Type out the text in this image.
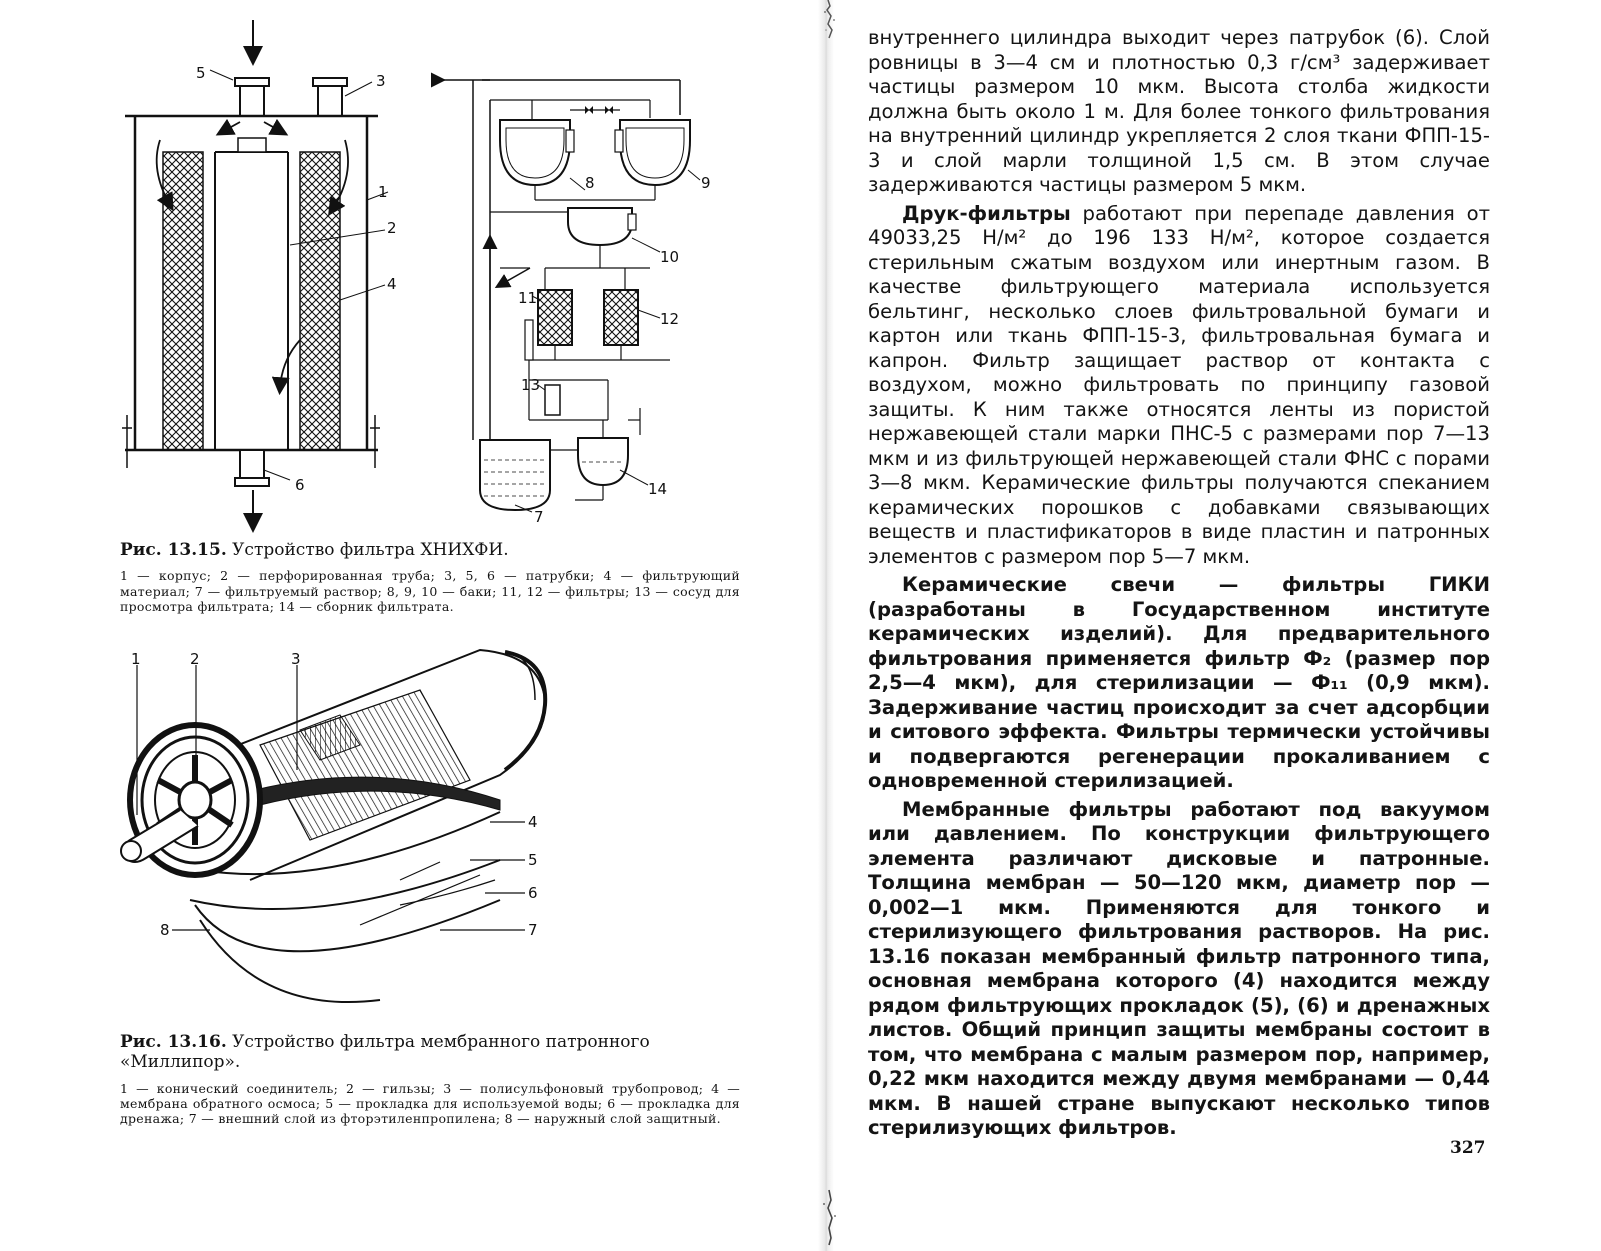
1
2
3
4
5
6
7
8	9
10
11
12
13
14

Рис. 13.15. Устройство фильтра ХНИХФИ.

1 — корпус; 2 — перфорированная труба; 3, 5, 6 — патрубки; 4 — фильтрующий материал; 7 — фильтруемый раствор; 8, 9, 10 — баки; 11, 12 — фильтры; 13 — сосуд для просмотра фильтрата; 14 — сборник фильтрата.

1	2	3
4
5
6
7
8

Рис. 13.16. Устройство фильтра мембранного патронного «Миллипор».

1 — конический соединитель; 2 — гильзы; 3 — полисульфоновый трубопровод; 4 — мембрана обратного осмоса; 5 — прокладка для используемой воды; 6 — прокладка для дренажа; 7 — внешний слой из фторэтиленпропилена; 8 — наружный слой защитный.

внутреннего цилиндра выходит через патрубок (6). Слой ровницы в 3—4 см и плотностью 0,3 г/см³ задерживает частицы размером 10 мкм. Высота столба жидкости должна быть около 1 м. Для более тонкого фильтрования на внутренний цилиндр укрепляется 2 слоя ткани ФПП-15-3 и слой марли толщиной 1,5 см. В этом случае задерживаются частицы размером 5 мкм.

Друк-фильтры работают при перепаде давления от 49033,25 Н/м² до 196 133 Н/м², которое создается стерильным сжатым воздухом или инертным газом. В качестве фильтрующего материала используется бельтинг, несколько слоев фильтровальной бумаги и картон или ткань ФПП-15-3, фильтровальная бумага и капрон. Фильтр защищает раствор от контакта с воздухом, можно фильтровать по принципу газовой защиты. К ним также относятся ленты из пористой нержавеющей стали марки ПНС-5 с размерами пор 7—13 мкм и из фильтрующей нержавеющей стали ФНС с порами 3—8 мкм. Керамические фильтры получаются спеканием керамических порошков с добавками связывающих веществ и пластификаторов в виде пластин и патронных элементов с размером пор 5—7 мкм.

Керамические свечи — фильтры ГИКИ (разработаны в Государственном институте керамических изделий). Для предварительного фильтрования применяется фильтр Ф₂ (размер пор 2,5—4 мкм), для стерилизации — Ф₁₁ (0,9 мкм). Задерживание частиц происходит за счет адсорбции и ситового эффекта. Фильтры термически устойчивы и подвергаются регенерации прокаливанием с одновременной стерилизацией.

Мембранные фильтры работают под вакуумом или давлением. По конструкции фильтрующего элемента различают дисковые и патронные. Толщина мембран — 50—120 мкм, диаметр пор — 0,002—1 мкм. Применяются для тонкого и стерилизующего фильтрования растворов. На рис. 13.16 показан мембранный фильтр патронного типа, основная мембрана которого (4) находится между рядом фильтрующих прокладок (5), (6) и дренажных листов. Общий принцип защиты мембраны состоит в том, что мембрана с малым размером пор, например, 0,22 мкм находится между двумя мембранами — 0,44 мкм. В нашей стране выпускают несколько типов стерилизующих фильтров.

327
